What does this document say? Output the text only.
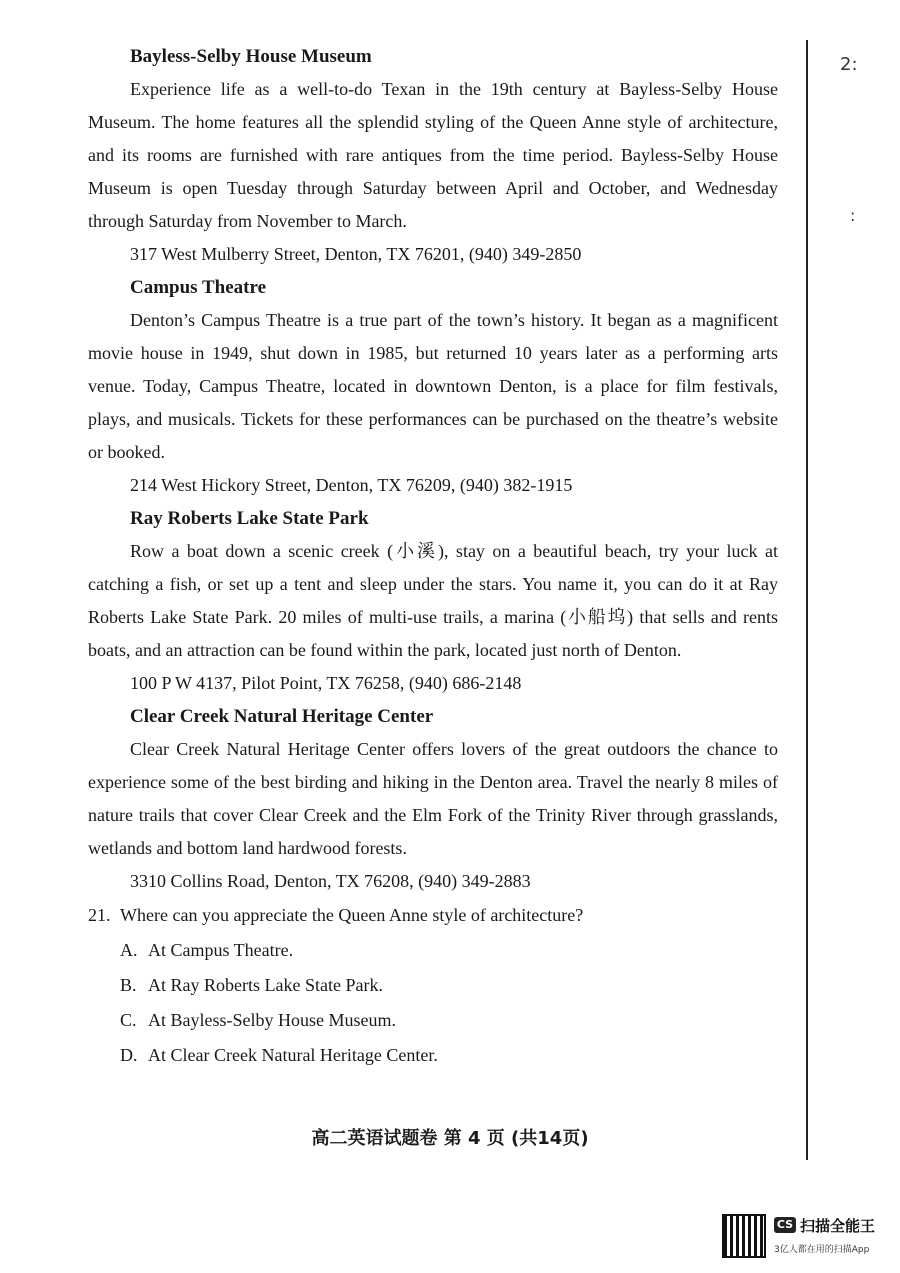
Bayless-Selby House Museum

Experience life as a well-to-do Texan in the 19th century at Bayless-Selby House Museum. The home features all the splendid styling of the Queen Anne style of architecture, and its rooms are furnished with rare antiques from the time period. Bayless-Selby House Museum is open Tuesday through Saturday between April and October, and Wednesday through Saturday from November to March.

317 West Mulberry Street, Denton, TX 76201, (940) 349-2850

Campus Theatre

Denton’s Campus Theatre is a true part of the town’s history. It began as a magnificent movie house in 1949, shut down in 1985, but returned 10 years later as a performing arts venue. Today, Campus Theatre, located in downtown Denton, is a place for film festivals, plays, and musicals. Tickets for these performances can be purchased on the theatre’s website or booked.

214 West Hickory Street, Denton, TX 76209, (940) 382-1915

Ray Roberts Lake State Park

Row a boat down a scenic creek (小溪), stay on a beautiful beach, try your luck at catching a fish, or set up a tent and sleep under the stars. You name it, you can do it at Ray Roberts Lake State Park. 20 miles of multi-use trails, a marina (小船坞) that sells and rents boats, and an attraction can be found within the park, located just north of Denton.

100 P W 4137, Pilot Point, TX 76258, (940) 686-2148

Clear Creek Natural Heritage Center

Clear Creek Natural Heritage Center offers lovers of the great outdoors the chance to experience some of the best birding and hiking in the Denton area. Travel the nearly 8 miles of nature trails that cover Clear Creek and the Elm Fork of the Trinity River through grasslands, wetlands and bottom land hardwood forests.

3310 Collins Road, Denton, TX 76208, (940) 349-2883

21. Where can you appreciate the Queen Anne style of architecture?

A. At Campus Theatre.

B. At Ray Roberts Lake State Park.

C. At Bayless-Selby House Museum.

D. At Clear Creek Natural Heritage Center.

高二英语试题卷 第 4 页 (共14页)
2:
:
CS 扫描全能王
3亿人都在用的扫描App
